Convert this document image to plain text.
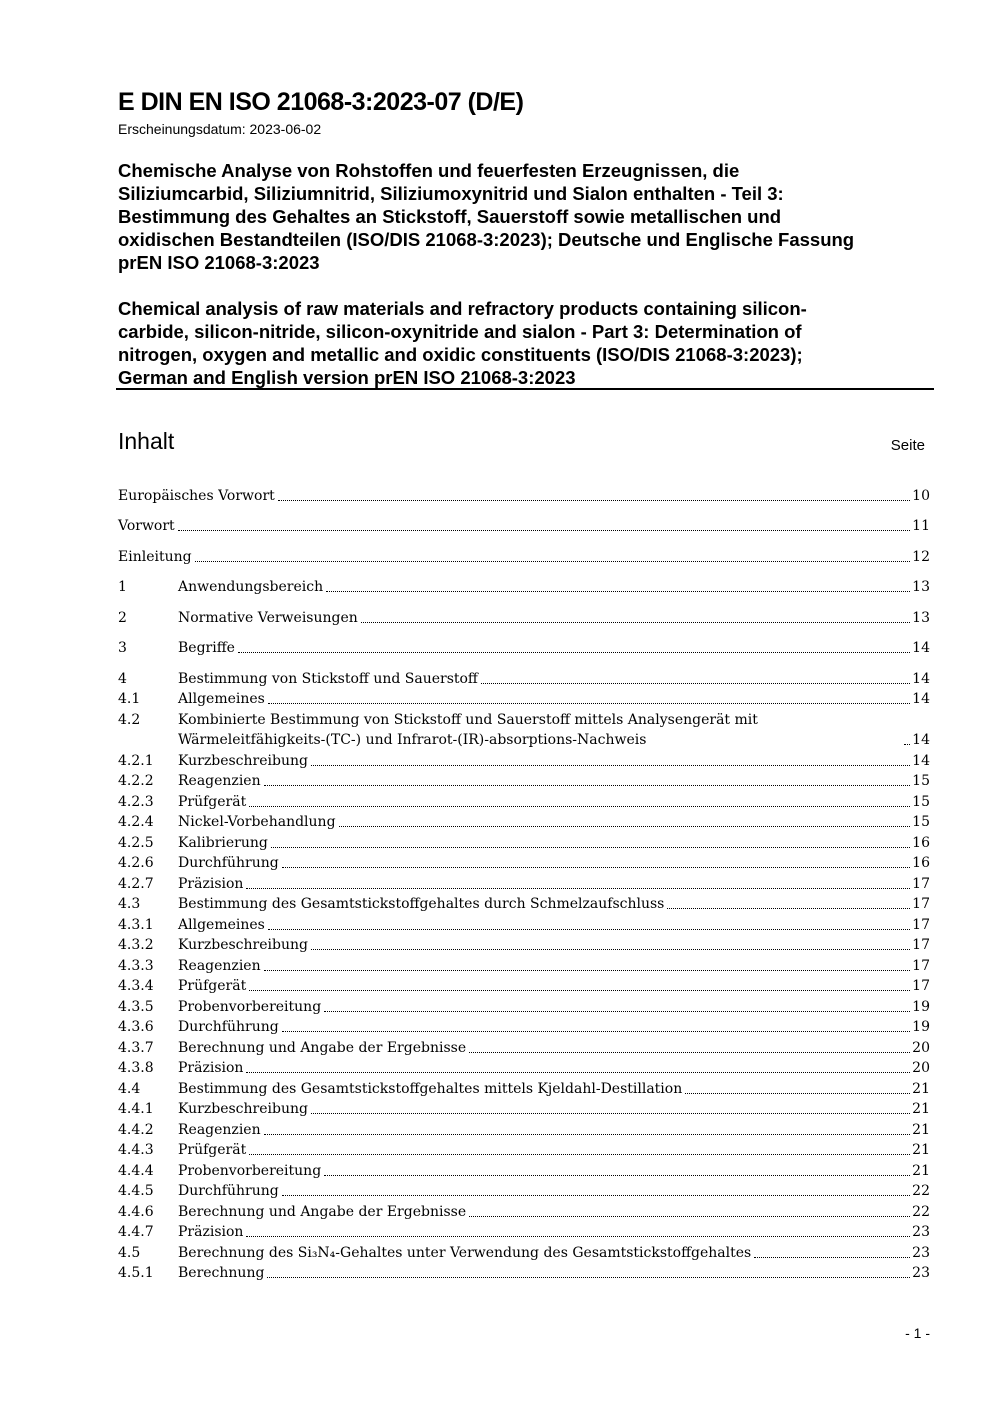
E DIN EN ISO 21068-3:2023-07 (D/E)
Erscheinungsdatum: 2023-06-02
Chemische Analyse von Rohstoffen und feuerfesten Erzeugnissen, die
Siliziumcarbid, Siliziumnitrid, Siliziumoxynitrid und Sialon enthalten - Teil 3:
Bestimmung des Gehaltes an Stickstoff, Sauerstoff sowie metallischen und
oxidischen Bestandteilen (ISO/DIS 21068-3:2023); Deutsche und Englische Fassung
prEN ISO 21068-3:2023
Chemical analysis of raw materials and refractory products containing silicon-
carbide, silicon-nitride, silicon-oxynitride and sialon - Part 3: Determination of
nitrogen, oxygen and metallic and oxidic constituents (ISO/DIS 21068-3:2023);
German and English version prEN ISO 21068-3:2023
Inhalt	Seite
Europäisches Vorwort	10
Vorwort	11
Einleitung	12
1	Anwendungsbereich	13
2	Normative Verweisungen	13
3	Begriffe	14
4	Bestimmung von Stickstoff und Sauerstoff	14
4.1	Allgemeines	14
4.2	Kombinierte Bestimmung von Stickstoff und Sauerstoff mittels Analysengerät mit Wärmeleitfähigkeits-(TC-) und Infrarot-(IR)-absorptions-Nachweis	14
4.2.1 Kurzbeschreibung	14
4.2.2 Reagenzien	15
4.2.3 Prüfgerät	15
4.2.4 Nickel-Vorbehandlung	15
4.2.5 Kalibrierung	16
4.2.6 Durchführung	16
4.2.7 Präzision	17
4.3	Bestimmung des Gesamtstickstoffgehaltes durch Schmelzaufschluss	17
4.3.1 Allgemeines	17
4.3.2 Kurzbeschreibung	17
4.3.3 Reagenzien	17
4.3.4 Prüfgerät	17
4.3.5 Probenvorbereitung	19
4.3.6 Durchführung	19
4.3.7 Berechnung und Angabe der Ergebnisse	20
4.3.8 Präzision	20
4.4	Bestimmung des Gesamtstickstoffgehaltes mittels Kjeldahl-Destillation	21
4.4.1 Kurzbeschreibung	21
4.4.2 Reagenzien	21
4.4.3 Prüfgerät	21
4.4.4 Probenvorbereitung	21
4.4.5 Durchführung	22
4.4.6 Berechnung und Angabe der Ergebnisse	22
4.4.7 Präzision	23
4.5	Berechnung des Si₃N₄-Gehaltes unter Verwendung des Gesamtstickstoffgehaltes	23
4.5.1 Berechnung	23
- 1 -
